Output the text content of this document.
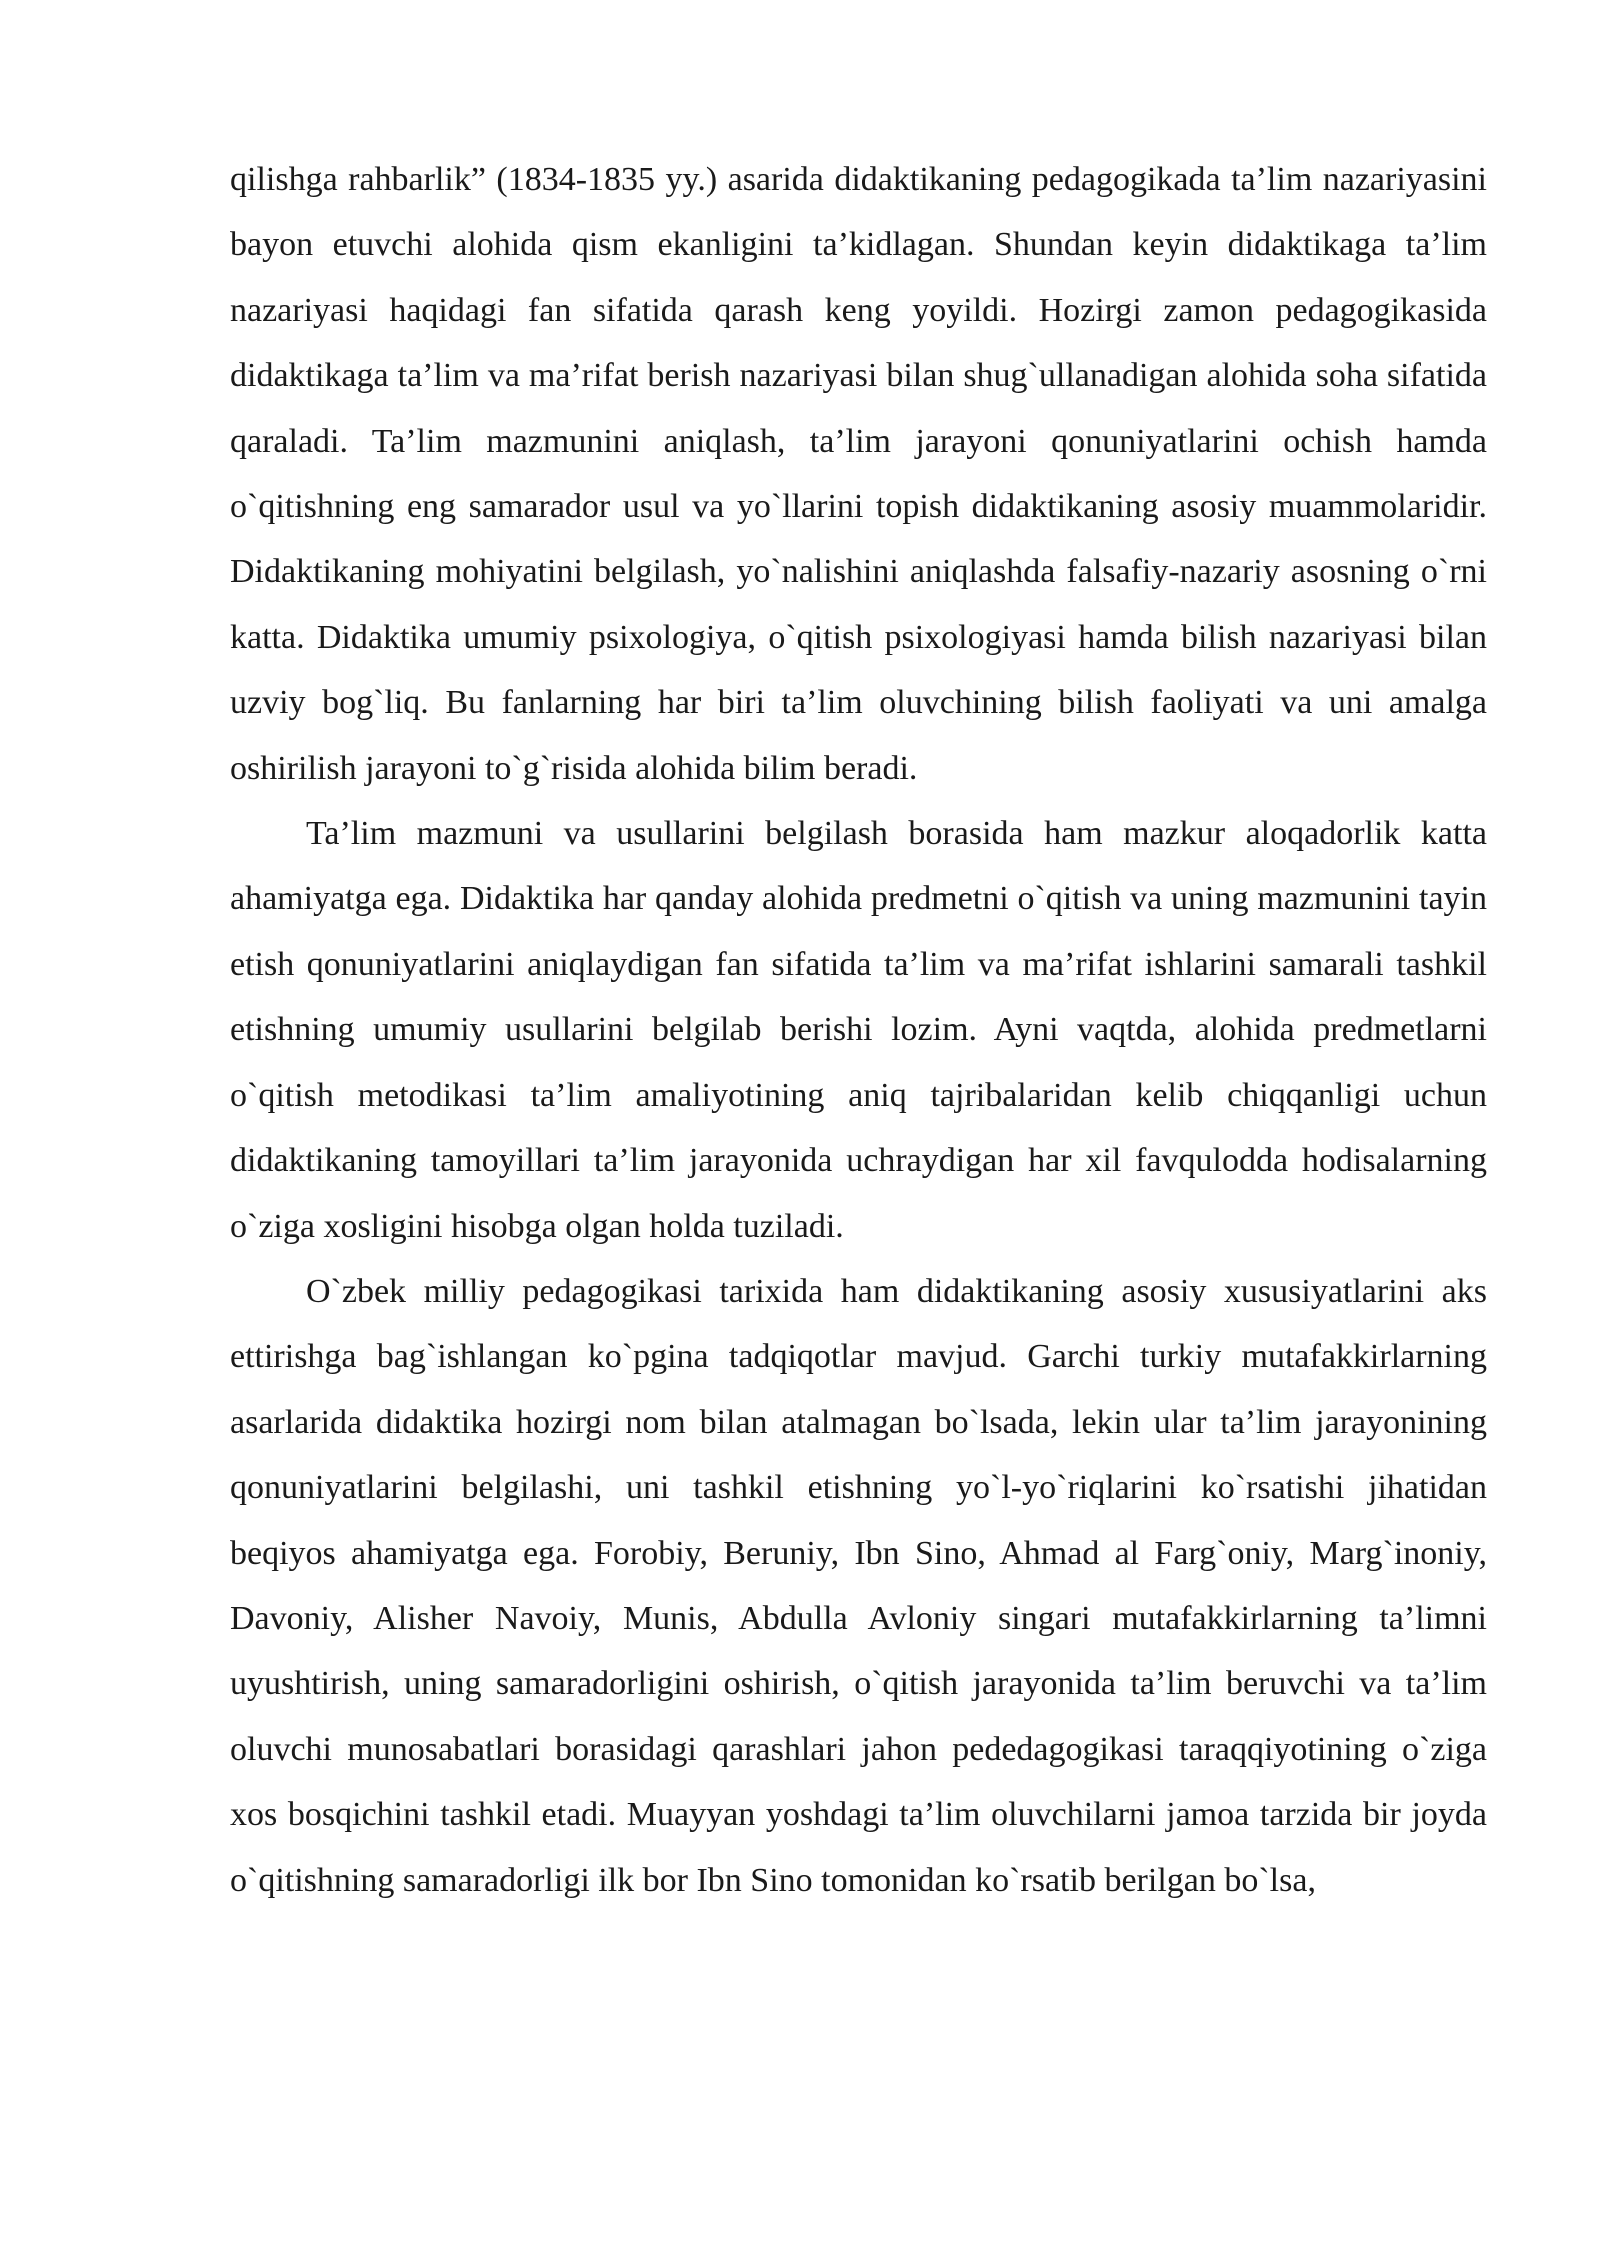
qilishga rahbarlik” (1834-1835 yy.) asarida didaktikaning pedagogikada ta’lim nazariyasini bayon etuvchi alohida qism ekanligini ta’kidlagan. Shundan keyin didaktikaga ta’lim nazariyasi haqidagi fan sifatida qarash keng yoyildi. Hozirgi zamon pedagogikasida didaktikaga ta’lim va ma’rifat berish nazariyasi bilan shug`ullanadigan alohida soha sifatida qaraladi. Ta’lim mazmunini aniqlash, ta’lim jarayoni qonuniyatlarini ochish hamda o`qitishning eng samarador usul va yo`llarini topish didaktikaning asosiy muammolaridir. Didaktikaning mohiyatini belgilash, yo`nalishini aniqlashda falsafiy-nazariy asosning o`rni katta. Didaktika umumiy psixologiya, o`qitish psixologiyasi hamda bilish nazariyasi bilan uzviy bog`liq. Bu fanlarning har biri ta’lim oluvchining bilish faoliyati va uni amalga oshirilish jarayoni to`g`risida alohida bilim beradi.

Ta’lim mazmuni va usullarini belgilash borasida ham mazkur aloqadorlik katta ahamiyatga ega. Didaktika har qanday alohida predmetni o`qitish va uning mazmunini tayin etish qonuniyatlarini aniqlaydigan fan sifatida ta’lim va ma’rifat ishlarini samarali tashkil etishning umumiy usullarini belgilab berishi lozim. Ayni vaqtda, alohida predmetlarni o`qitish metodikasi ta’lim amaliyotining aniq tajribalaridan kelib chiqqanligi uchun didaktikaning tamoyillari ta’lim jarayonida uchraydigan har xil favqulodda hodisalarning o`ziga xosligini hisobga olgan holda tuziladi.

O`zbek milliy pedagogikasi tarixida ham didaktikaning asosiy xususiyatlarini aks ettirishga bag`ishlangan ko`pgina tadqiqotlar mavjud. Garchi turkiy mutafakkirlarning asarlarida didaktika hozirgi nom bilan atalmagan bo`lsada, lekin ular ta’lim jarayonining qonuniyatlarini belgilashi, uni tashkil etishning yo`l-yo`riqlarini ko`rsatishi jihatidan beqiyos ahamiyatga ega. Forobiy, Beruniy, Ibn Sino, Ahmad al Farg`oniy, Marg`inoniy, Davoniy, Alisher Navoiy, Munis, Abdulla Avloniy singari mutafakkirlarning ta’limni uyushtirish, uning samaradorligini oshirish, o`qitish jarayonida ta’lim beruvchi va ta’lim oluvchi munosabatlari borasidagi qarashlari jahon pededagogikasi taraqqiyotining o`ziga xos bosqichini tashkil etadi. Muayyan yoshdagi ta’lim oluvchilarni jamoa tarzida bir joyda o`qitishning samaradorligi ilk bor Ibn Sino tomonidan ko`rsatib berilgan bo`lsa,
